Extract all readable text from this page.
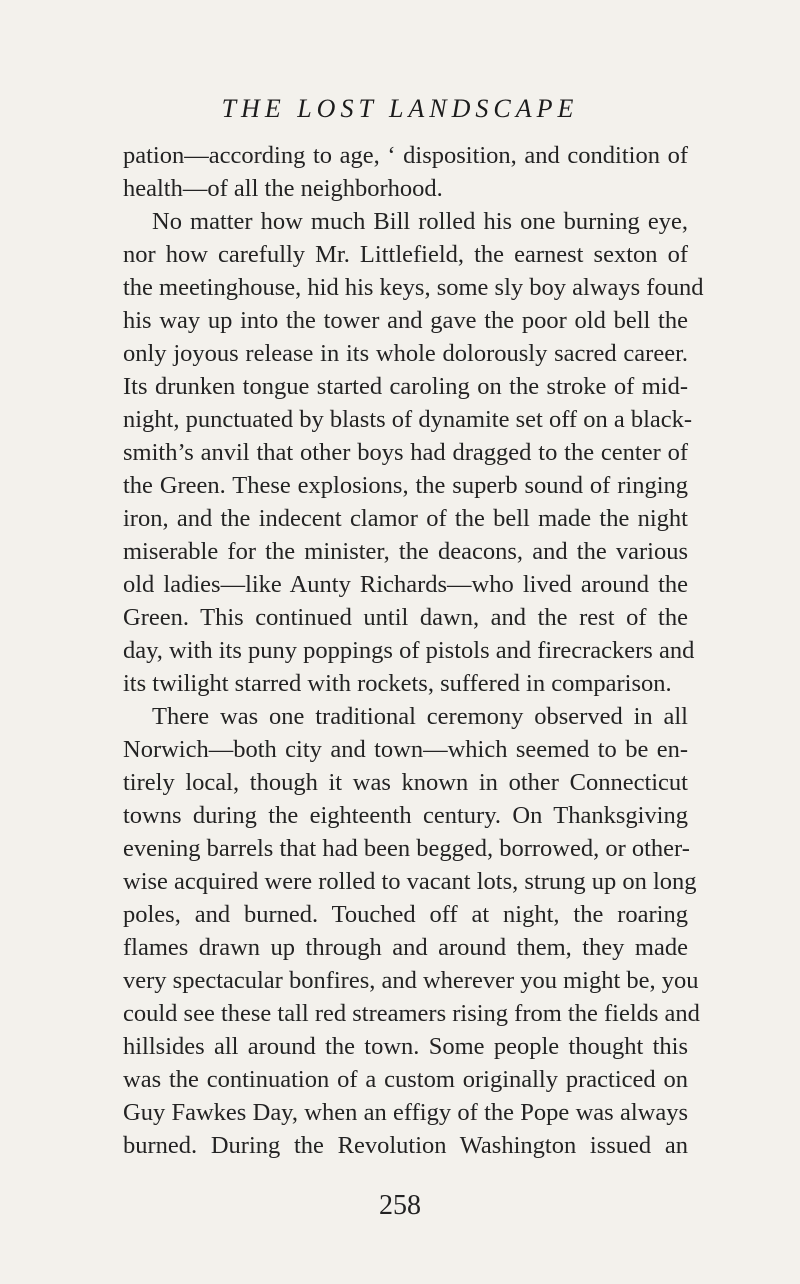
THE LOST LANDSCAPE
pation—according to age, ‘ disposition, and condition of
health—of all the neighborhood.
No matter how much Bill rolled his one burning eye,
nor how carefully Mr. Littlefield, the earnest sexton of
the meetinghouse, hid his keys, some sly boy always found
his way up into the tower and gave the poor old bell the
only joyous release in its whole dolorously sacred career.
Its drunken tongue started caroling on the stroke of mid-
night, punctuated by blasts of dynamite set off on a black-
smith’s anvil that other boys had dragged to the center of
the Green. These explosions, the superb sound of ringing
iron, and the indecent clamor of the bell made the night
miserable for the minister, the deacons, and the various
old ladies—like Aunty Richards—who lived around the
Green. This continued until dawn, and the rest of the
day, with its puny poppings of pistols and firecrackers and
its twilight starred with rockets, suffered in comparison.
There was one traditional ceremony observed in all
Norwich—both city and town—which seemed to be en-
tirely local, though it was known in other Connecticut
towns during the eighteenth century. On Thanksgiving
evening barrels that had been begged, borrowed, or other-
wise acquired were rolled to vacant lots, strung up on long
poles, and burned. Touched off at night, the roaring
flames drawn up through and around them, they made
very spectacular bonfires, and wherever you might be, you
could see these tall red streamers rising from the fields and
hillsides all around the town. Some people thought this
was the continuation of a custom originally practiced on
Guy Fawkes Day, when an effigy of the Pope was always
burned. During the Revolution Washington issued an
258
